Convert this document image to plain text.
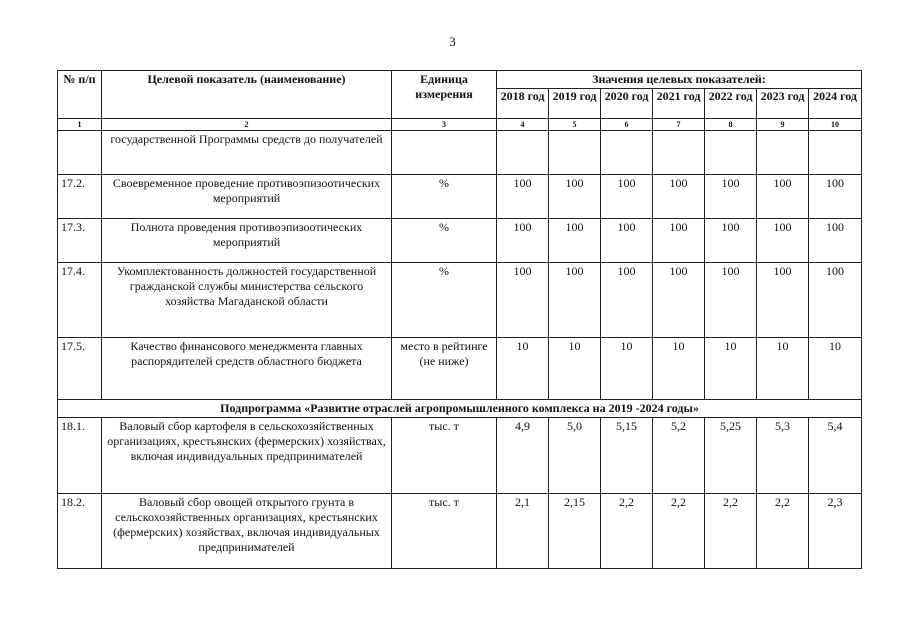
3
№ п/п	Целевой показатель (наименование)	Единица измерения	Значения целевых показателей:						
			2018 год	2019 год	2020 год	2021 год	2022 год	2023 год	2024 год
1	2	3	4	5	6	7	8	9	10
	государственной Программы средств до получателей								
17.2.	Своевременное проведение противоэпизоотических мероприятий	%	100	100	100	100	100	100	100
17.3.	Полнота проведения противоэпизоотических мероприятий	%	100	100	100	100	100	100	100
17.4.	Укомплектованность должностей государственной гражданской службы министерства сельского хозяйства Магаданской области	%	100	100	100	100	100	100	100
17.5.	Качество финансового менеджмента главных распорядителей средств областного бюджета	место в рейтинге (не ниже)	10	10	10	10	10	10	10
Подпрограмма «Развитие отраслей агропромышленного комплекса на 2019 -2024 годы»									
18.1.	Валовый сбор картофеля в сельскохозяйственных организациях, крестьянских (фермерских) хозяйствах, включая индивидуальных предпринимателей	тыс. т	4,9	5,0	5,15	5,2	5,25	5,3	5,4
18.2.	Валовый сбор овощей открытого грунта в сельскохозяйственных организациях, крестьянских (фермерских) хозяйствах, включая индивидуальных предпринимателей	тыс. т	2,1	2,15	2,2	2,2	2,2	2,2	2,3
